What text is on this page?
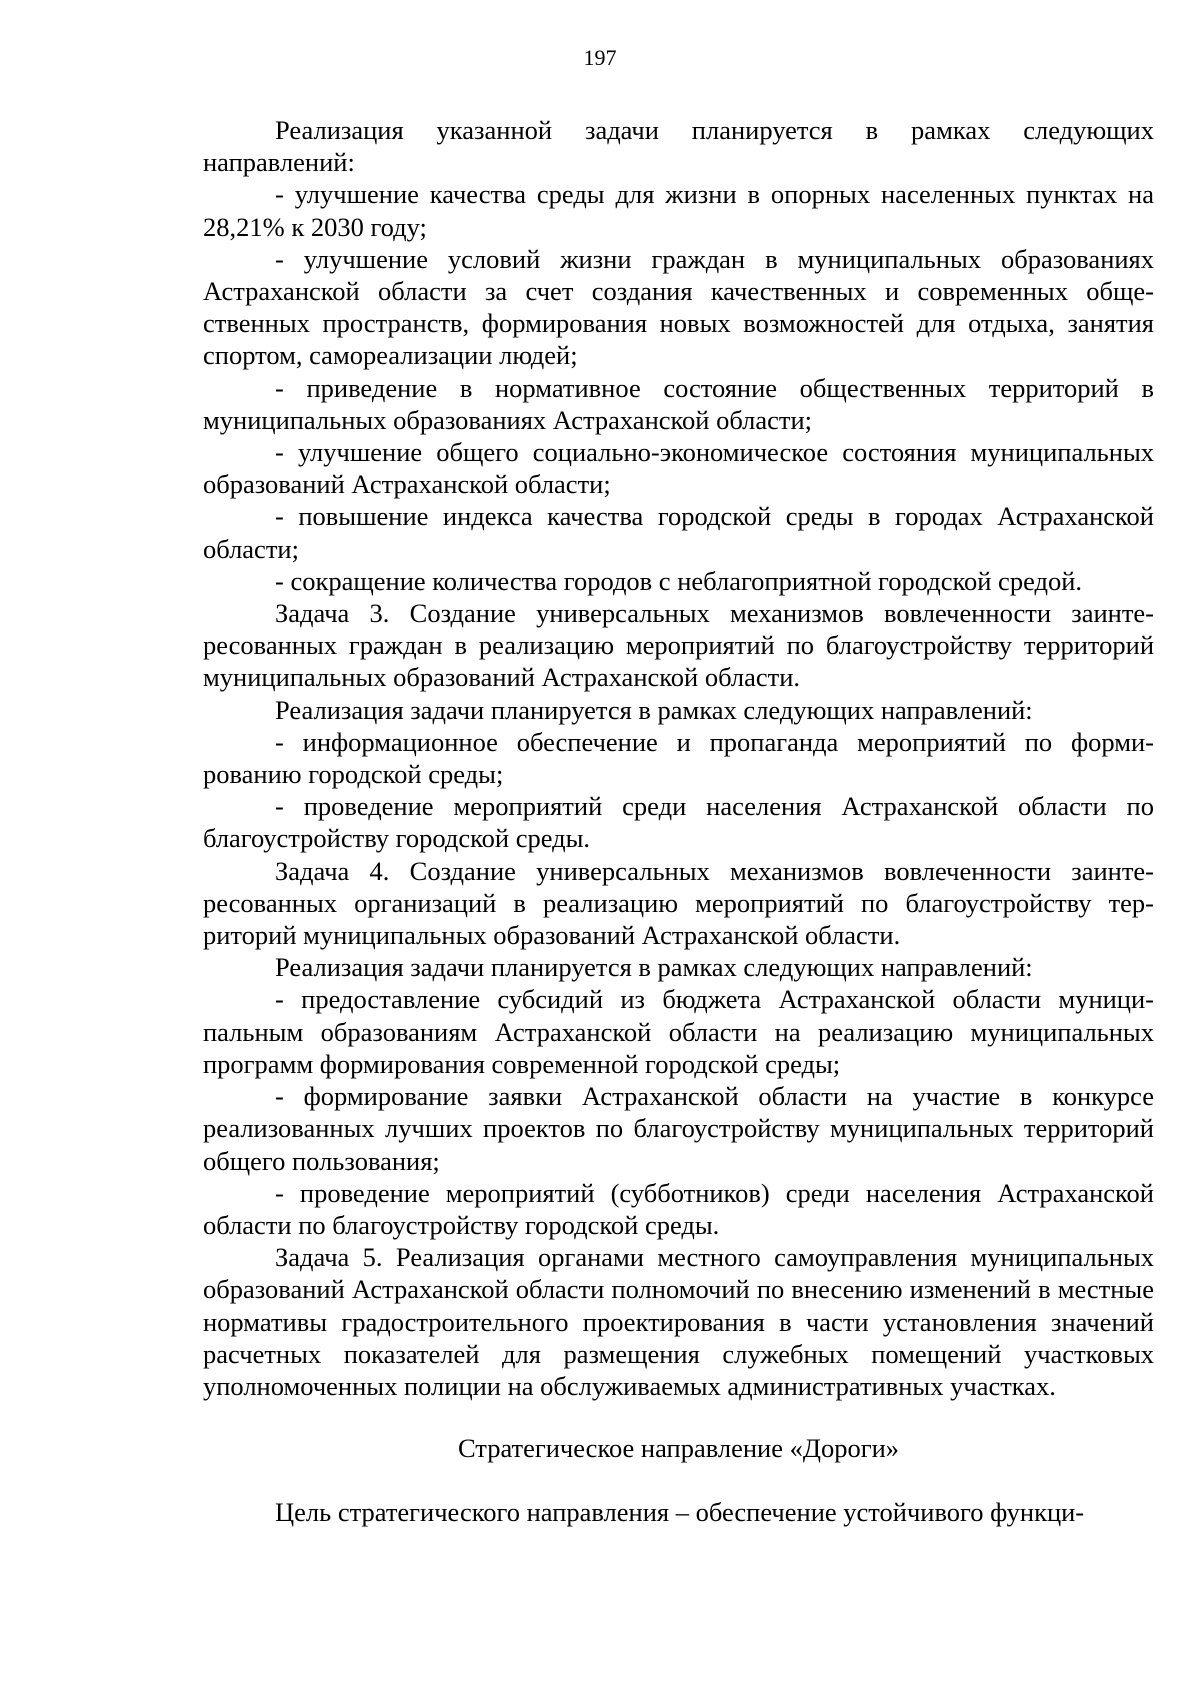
197

Реализация указанной задачи планируется в рамках следующих направлений:

- улучшение качества среды для жизни в опорных населенных пунктах на 28,21% к 2030 году;

- улучшение условий жизни граждан в муниципальных образованиях Астраханской области за счет создания качественных и современных общественных пространств, формирования новых возможностей для отдыха, занятия спортом, самореализации людей;

- приведение в нормативное состояние общественных территорий в муниципальных образованиях Астраханской области;

- улучшение общего социально-экономическое состояния муниципальных образований Астраханской области;

- повышение индекса качества городской среды в городах Астраханской области;

- сокращение количества городов с неблагоприятной городской средой.

Задача 3. Создание универсальных механизмов вовлеченности заинтересованных граждан в реализацию мероприятий по благоустройству территорий муниципальных образований Астраханской области.

Реализация задачи планируется в рамках следующих направлений:

- информационное обеспечение и пропаганда мероприятий по формированию городской среды;

- проведение мероприятий среди населения Астраханской области по благоустройству городской среды.

Задача 4. Создание универсальных механизмов вовлеченности заинтересованных организаций в реализацию мероприятий по благоустройству территорий муниципальных образований Астраханской области.

Реализация задачи планируется в рамках следующих направлений:

- предоставление субсидий из бюджета Астраханской области муниципальным образованиям Астраханской области на реализацию муниципальных программ формирования современной городской среды;

- формирование заявки Астраханской области на участие в конкурсе реализованных лучших проектов по благоустройству муниципальных территорий общего пользования;

- проведение мероприятий (субботников) среди населения Астраханской области по благоустройству городской среды.

Задача 5. Реализация органами местного самоуправления муниципальных образований Астраханской области полномочий по внесению изменений в местные нормативы градостроительного проектирования в части установления значений расчетных показателей для размещения служебных помещений участковых уполномоченных полиции на обслуживаемых административных участках.

Стратегическое направление «Дороги»

Цель стратегического направления – обеспечение устойчивого функци-
